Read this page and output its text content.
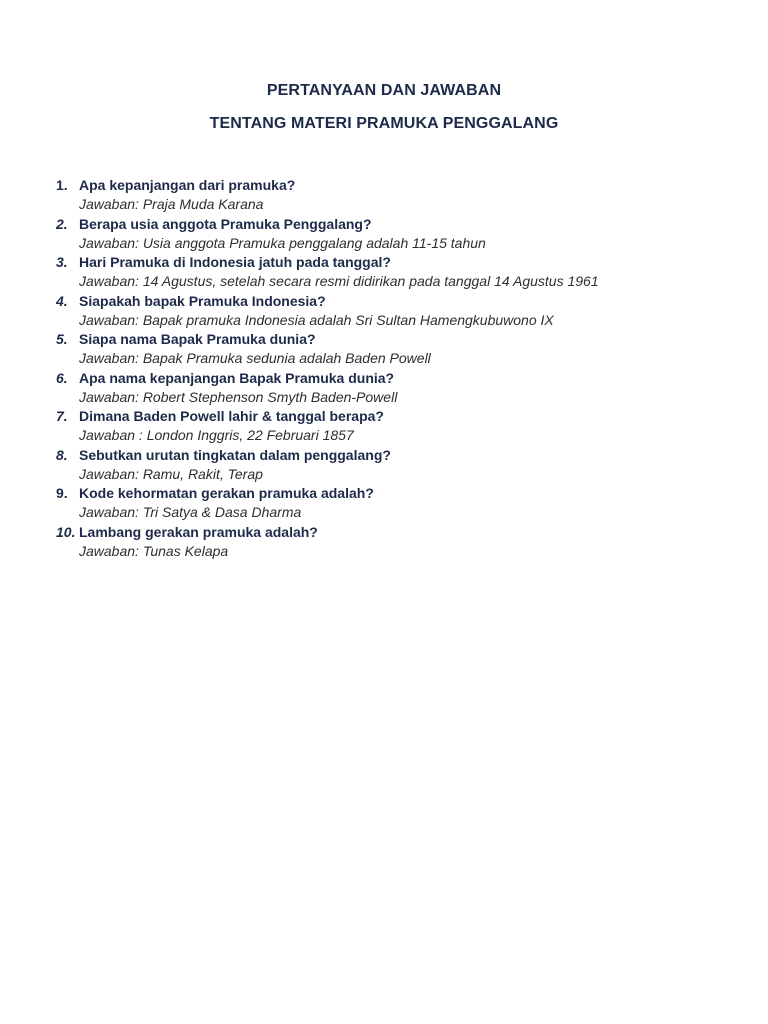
PERTANYAAN DAN JAWABAN
TENTANG MATERI PRAMUKA PENGGALANG
1. Apa kepanjangan dari pramuka?
Jawaban: Praja Muda Karana
2. Berapa usia anggota Pramuka Penggalang?
Jawaban: Usia anggota Pramuka penggalang adalah 11-15 tahun
3. Hari Pramuka di Indonesia jatuh pada tanggal?
Jawaban: 14 Agustus, setelah secara resmi didirikan pada tanggal 14 Agustus 1961
4. Siapakah bapak Pramuka Indonesia?
Jawaban: Bapak pramuka Indonesia adalah Sri Sultan Hamengkubuwono IX
5. Siapa nama Bapak Pramuka dunia?
Jawaban: Bapak Pramuka sedunia adalah Baden Powell
6. Apa nama kepanjangan Bapak Pramuka dunia?
Jawaban: Robert Stephenson Smyth Baden-Powell
7. Dimana Baden Powell lahir & tanggal berapa?
Jawaban : London Inggris, 22 Februari 1857
8. Sebutkan urutan tingkatan dalam penggalang?
Jawaban: Ramu, Rakit, Terap
9. Kode kehormatan gerakan pramuka adalah?
Jawaban: Tri Satya & Dasa Dharma
10. Lambang gerakan pramuka adalah?
Jawaban: Tunas Kelapa
